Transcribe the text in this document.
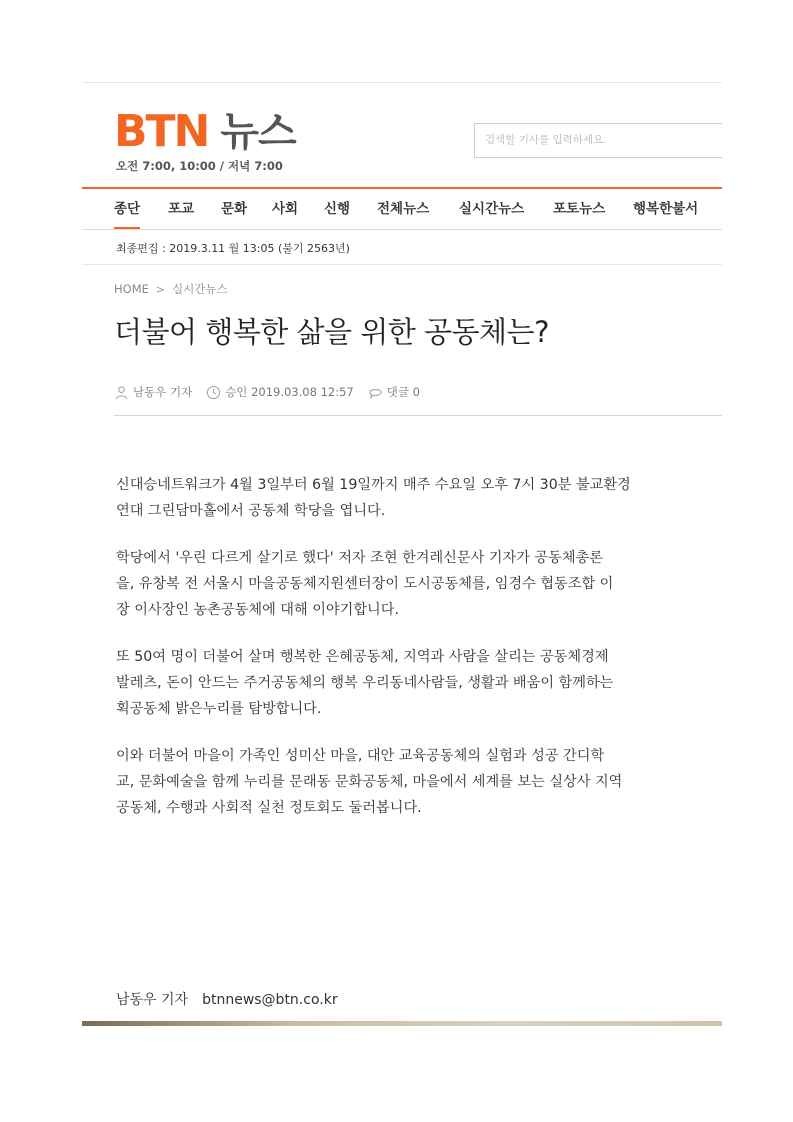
BTN 뉴스
오전 7:00, 10:00 / 저녁 7:00
검색할 기사를 입력하세요.
종단 포교 문화 사회 신행 전체뉴스 실시간뉴스 포토뉴스 행복한불서
최종편집 : 2019.3.11 월 13:05 (불기 2563년)
HOME > 실시간뉴스
더불어 행복한 삶을 위한 공동체는?
남동우 기자	승인 2019.03.08 12:57	댓글 0

신대승네트워크가 4월 3일부터 6월 19일까지 매주 수요일 오후 7시 30분 불교환경
연대 그린담마홀에서 공동체 학당을 엽니다.

학당에서 '우린 다르게 살기로 했다' 저자 조현 한겨레신문사 기자가 공동체총론
을, 유창복 전 서울시 마을공동체지원센터장이 도시공동체를, 임경수 협동조합 이
장 이사장인 농촌공동체에 대해 이야기합니다.

또 50여 명이 더불어 살며 행복한 은혜공동체, 지역과 사람을 살리는 공동체경제
발레츠, 돈이 안드는 주거공동체의 행복 우리동네사람들, 생활과 배움이 함께하는
획공동체 밝은누리를 탐방합니다.

이와 더불어 마을이 가족인 성미산 마을, 대안 교육공동체의 실험과 성공 간디학
교, 문화예술을 함께 누리를 문래동 문화공동체, 마을에서 세계를 보는 실상사 지역
공동체, 수행과 사회적 실천 정토회도 둘러봅니다.

남동우 기자 btnnews@btn.co.kr
